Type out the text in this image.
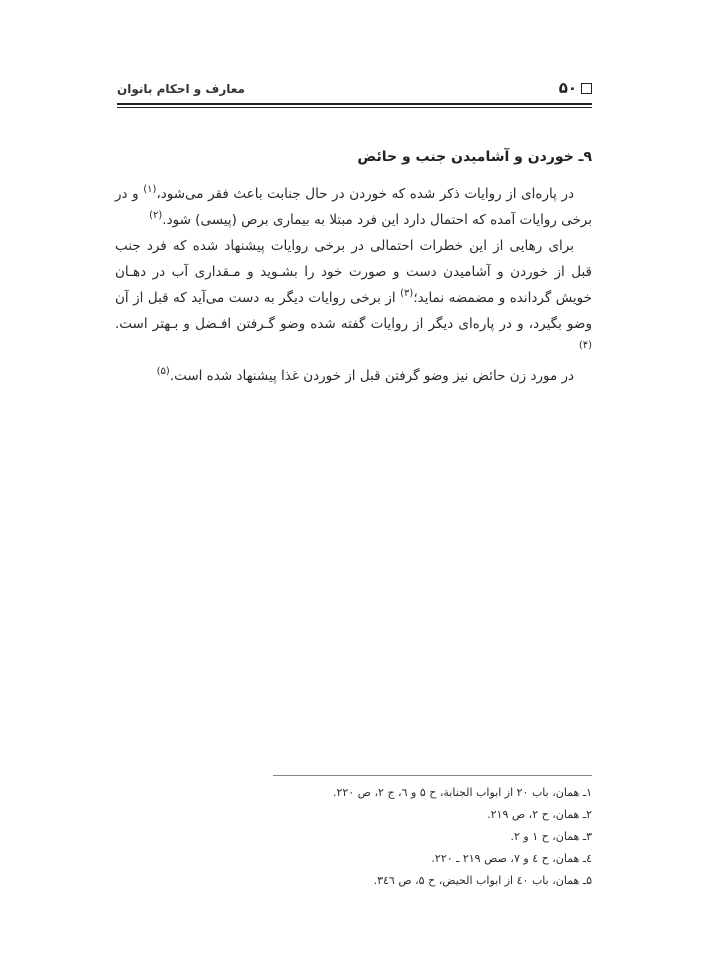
۵۰
معارف و احکام بانوان
۹ـ خوردن و آشامیدن جنب و حائض

در پاره‌ای از روایات ذکر شده که خوردن در حال جنابت باعث فقر می‌شود،$^{(۱)}$ و در برخی روایات آمده که احتمال دارد این فرد مبتلا به بیماری برص (پیسی) شود.$^{(۲)}$

برای رهایی از این خطرات احتمالی در برخی روایات پیشنهاد شده که فرد جنب قبل از خوردن و آشامیدن دست و صورت خود را بشـوید و مـقداری آب در دهـان خویش گردانده و مضمضه نماید؛$^{(۳)}$ از برخی روایات دیگر به دست می‌آید که قبل از آن وضو بگیرد، و در پاره‌ای دیگر از روایات گفته شده وضو گـرفتن افـضل و بـهتر است.$^{(۴)}$

در مورد زن حائض نیز وضو گرفتن قبل از خوردن غذا پیشنهاد شده است.$^{(۵)}$

۱ـ همان، باب ۲۰ از ابواب الجنابة، ح ۵ و ٦، ج ۲، ص ۲۲۰.
۲ـ همان، ح ۲، ص ۲۱۹.
۳ـ همان، ح ۱ و ۲.
٤ـ همان، ح ٤ و ۷، صص ۲۱۹ ـ ۲۲۰.
۵ـ همان، باب ٤۰ از ابواب الحیض، ح ۵، ص ۳٤٦.
